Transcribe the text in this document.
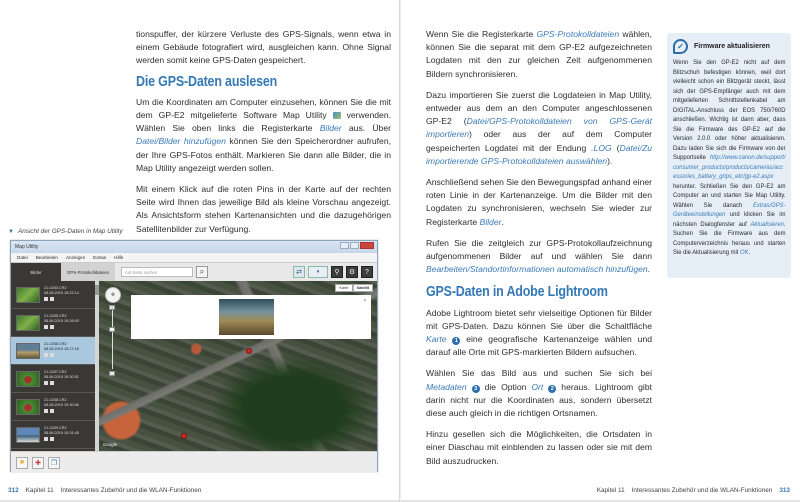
tionspuffer, der kürzere Verluste des GPS-Signals, wenn etwa in einem Gebäude fotografiert wird, ausgleichen kann. Ohne Signal werden somit keine GPS-Daten gespeichert.

Die GPS-Daten auslesen

Um die Koordinaten am Computer einzusehen, können Sie die mit dem GP-E2 mitgelieferte Software Map Utility  verwenden. Wählen Sie oben links die Registerkarte Bilder aus. Über Datei/Bilder hinzufügen können Sie den Speicherordner aufrufen, der Ihre GPS-Fotos enthält. Markieren Sie dann alle Bilder, die in Map Utility angezeigt werden sollen.

Mit einem Klick auf die roten Pins in der Karte auf der rechten Seite wird Ihnen das jeweilige Bild als kleine Vorschau angezeigt. Als Ansichtsform stehen Kartenansichten und die dazugehörigen Satellitenbilder zur Verfügung.

▼ Ansicht der GPS-Daten in Map Utility
Map Utility
Datei Bearbeiten Anzeigen Extras Hilfe
Bilder	GPS-Protokolldateien	Auf Karte suchen	⌕	⇄	▾ ⚲ ⚙ ?
21-0253.CR2
08.06.2015 15:22:14
21-0255.CR2
08.06.2015 15:26:00
21-0256.CR2
08.06.2015 15:27:16
21-0257.CR2
08.06.2015 15:30:51
21-0258.CR2
08.06.2015 15:30:56
21-0259.CR2
08.06.2015 15:31:45
✥
+
−
Karte	Satellit
✕
Google
■ ✚ ❐
312 Kapitel 11 Interessantes Zubehör und die WLAN-Funktionen	Kapitel 11 Interessantes Zubehör und die WLAN-Funktionen 313

Wenn Sie die Registerkarte GPS-Protokolldateien wählen, können Sie die separat mit dem GP-E2 aufgezeichneten Logdaten mit den zur gleichen Zeit aufgenommenen Bildern synchronisieren.

Dazu importieren Sie zuerst die Logdateien in Map Utility, entweder aus dem an den Computer angeschlossenen GP-E2 (Datei/GPS-Protokolldateien von GPS-Gerät importieren) oder aus der auf dem Computer gespeicherten Logdatei mit der Endung .LOG (Datei/Zu importierende GPS-Protokolldateien auswählen).

Anschließend sehen Sie den Bewegungspfad anhand einer roten Linie in der Kartenanzeige. Um die Bilder mit den Logdaten zu synchronisieren, wechseln Sie wieder zur Registerkarte Bilder.

Rufen Sie die zeitgleich zur GPS-Protokollaufzeichnung aufgenommenen Bilder auf und wählen Sie dann Bearbeiten/Standortinformationen automatisch hinzufügen.

GPS-Daten in Adobe Lightroom

Adobe Lightroom bietet sehr vielseitige Optionen für Bilder mit GPS-Daten. Dazu können Sie über die Schaltfläche Karte 1 eine geografische Kartenanzeige wählen und darauf alle Orte mit GPS-markierten Bildern aufsuchen.

Wählen Sie das Bild aus und suchen Sie sich bei Metadaten 3 die Option Ort 2 heraus. Lightroom gibt darin nicht nur die Koordinaten aus, sondern übersetzt diese auch gleich in die richtigen Ortsnamen.

Hinzu gesellen sich die Möglichkeiten, die Ortsdaten in einer Diaschau mit einblenden zu lassen oder sie mit dem Bild auszudrucken.

✓	Firmware aktualisieren
Wenn Sie den GP-E2 nicht auf dem Blitzschuh befestigen können, weil dort vielleicht schon ein Blitzgerät steckt, lässt sich der GPS-Empfänger auch mit dem mitgelieferten Schnittstellenkabel am DIGITAL-Anschluss der EOS 750/760D anschließen. Wichtig ist dann aber, dass Sie die Firmware des GP-E2 auf die Version 2.0.0 oder höher aktualisieren. Dazu laden Sie sich die Firmware von der Supportseite http://www.canon.de/support/consumer_products/products/cameras/accessories_battery_grips_etc/gp-e2.aspx herunter. Schließen Sie den GP-E2 am Computer an und starten Sie Map Utility. Wählen Sie danach Extras/GPS-Geräteeinstellungen und klicken Sie im nächsten Dialogfenster auf Aktualisieren. Suchen Sie die Firmware aus dem Computerverzeichnis heraus und starten Sie die Aktualisierung mit OK.
